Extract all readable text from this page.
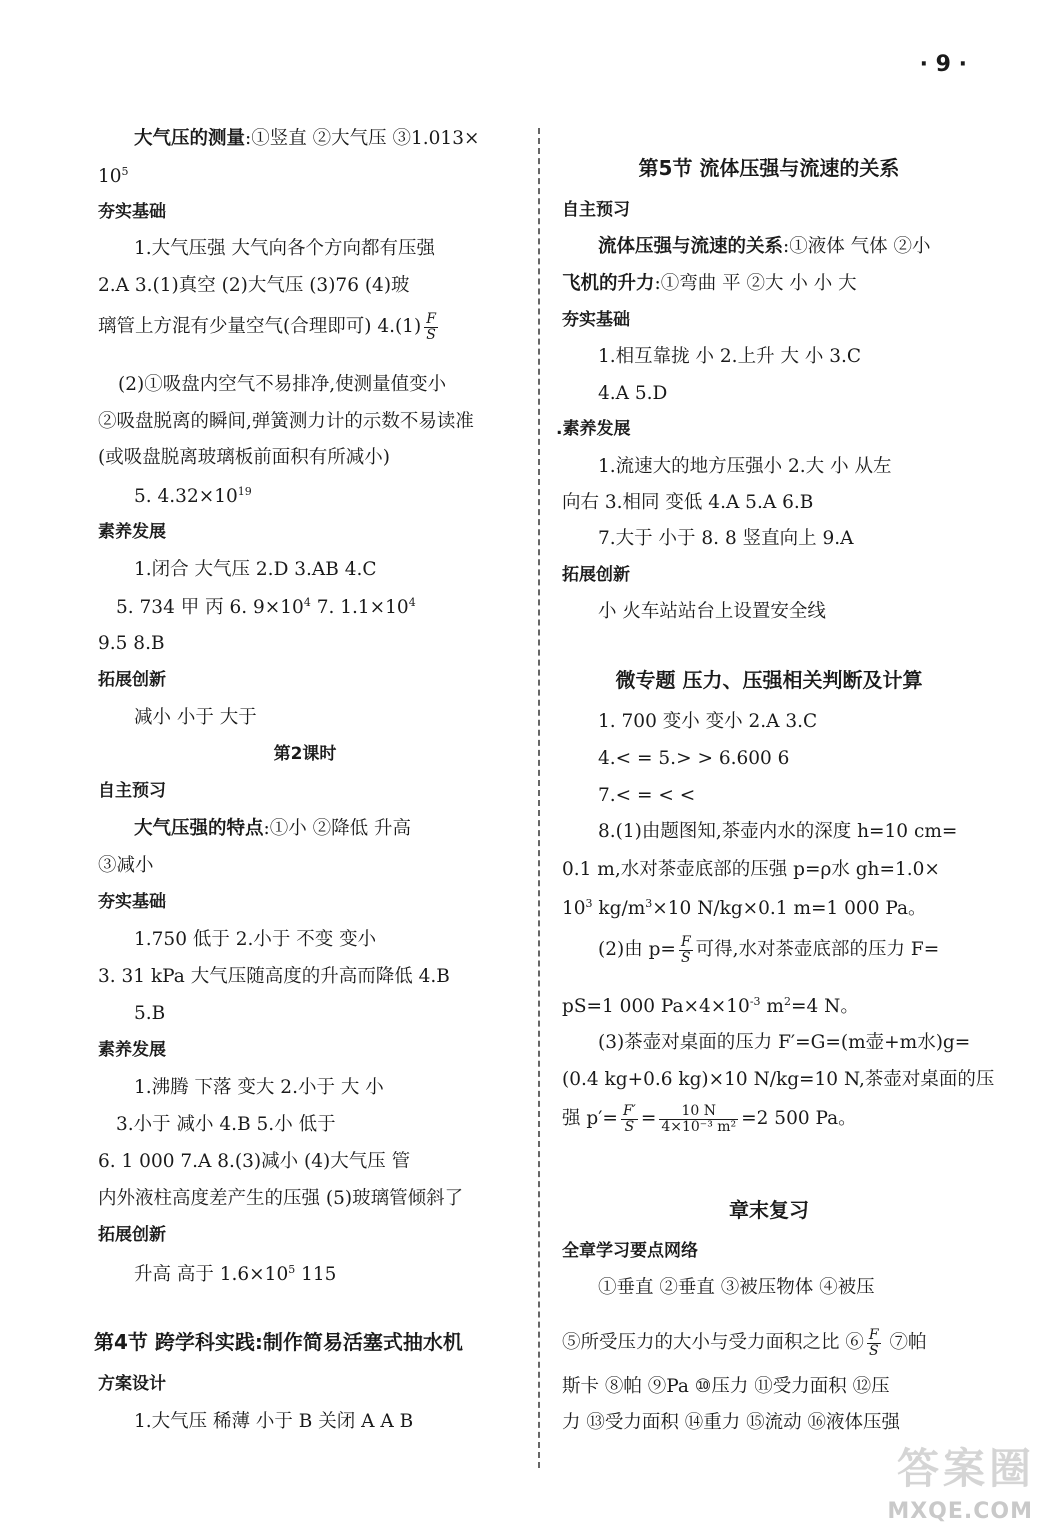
· 9 ·
大气压的测量:①竖直 ②大气压 ③1.013×
$10^5$
夯实基础
1.大气压强 大气向各个方向都有压强
2.A 3.(1)真空 (2)大气压 (3)76 (4)玻
璃管上方混有少量空气(合理即可) $4.(1) \frac{F}{S}$
(2)①吸盘内空气不易排净,使测量值变小
②吸盘脱离的瞬间,弹簧测力计的示数不易读准
(或吸盘脱离玻璃板前面积有所减小)
5. $4.32\times 10^{19}$
素养发展
1.闭合 大气压 2.D 3.AB 4.C
5. 734 甲 丙 6. $9\times 10^4$ 7. $1.1\times 10^4$
9.5 8.B
拓展创新
减小 小于 大于
第2课时
自主预习
大气压强的特点:①小 ②降低 升高
③减小
夯实基础
1.750 低于 2.小于 不变 变小
3. 31 kPa 大气压随高度的升高而降低 4.B
5.B
素养发展
1.沸腾 下落 变大 2.小于 大 小
3.小于 减小 4.B 5.小 低于
6. 1 000 7.A 8.(3)减小 (4)大气压 管
内外液柱高度差产生的压强 (5)玻璃管倾斜了
拓展创新
升高 高于 $1.6\times 10^5$ 115
第4节 跨学科实践:制作简易活塞式抽水机
方案设计
1.大气压 稀薄 小于 B 关闭 A A B
第5节 流体压强与流速的关系
自主预习
流体压强与流速的关系:①液体 气体 ②小
飞机的升力:①弯曲 平 ②大 小 小 大
夯实基础
1.相互靠拢 小 2.上升 大 小 3.C
4.A 5.D
.素养发展
1.流速大的地方压强小 2.大 小 从左
向右 3.相同 变低 4.A 5.A 6.B
7.大于 小于 8. 8 竖直向上 9.A
拓展创新
小 火车站站台上设置安全线
微专题 压力、压强相关判断及计算
1. 700 变小 变小 2.A 3.C
4.< = 5.> > 6.600 6
7.< = < <
8.(1)由题图知,茶壶内水的深度 h=10 cm=
0.1 m,水对茶壶底部的压强 p=ρ水 gh=1.0×
$10^3$ $kg/m^3\times 10$ N/kg×0.1 m=1 000 Pa。
(2)由 $p= \frac{F}{S}$ 可得,水对茶壶底部的压力 F=
pS=1 000 $Pa\times 4\times 10^{-3}$ $m^2=4$ N。
(3)茶壶对桌面的压力 F′=G=(m壶+m水)g=
(0.4 kg+0.6 kg)×10 N/kg=10 N,茶壶对桌面的压
强 $p'= \frac{F'}{S} = \frac{10 N}{\text{4×10⁻³ m²}} =2$ 500 Pa。
章末复习
全章学习要点网络
①垂直 ②垂直 ③被压物体 ④被压
⑤所受压力的大小与受力面积之比 ⑥ $\frac{F}{S}$ ⑦帕
斯卡 ⑧帕 ⑨Pa ⑩压力 ⑪受力面积 ⑫压
力 ⑬受力面积 ⑭重力 ⑮流动 ⑯液体压强
答案圈
MXQE.COM
